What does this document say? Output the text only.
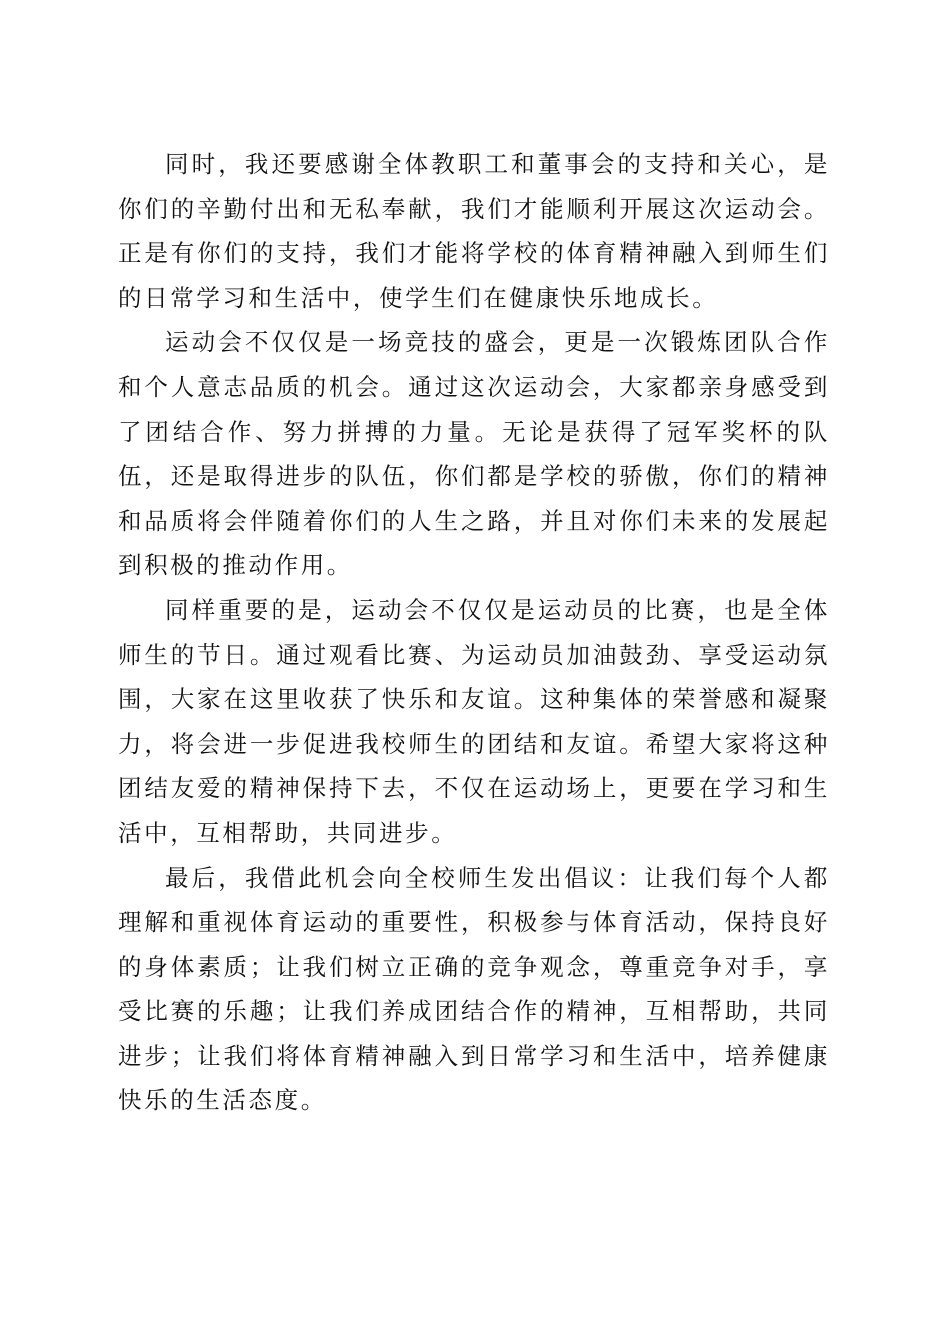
同时，我还要感谢全体教职工和董事会的支持和关心，是你们的辛勤付出和无私奉献，我们才能顺利开展这次运动会。正是有你们的支持，我们才能将学校的体育精神融入到师生们的日常学习和生活中，使学生们在健康快乐地成长。

运动会不仅仅是一场竞技的盛会，更是一次锻炼团队合作和个人意志品质的机会。通过这次运动会，大家都亲身感受到了团结合作、努力拼搏的力量。无论是获得了冠军奖杯的队伍，还是取得进步的队伍，你们都是学校的骄傲，你们的精神和品质将会伴随着你们的人生之路，并且对你们未来的发展起到积极的推动作用。

同样重要的是，运动会不仅仅是运动员的比赛，也是全体师生的节日。通过观看比赛、为运动员加油鼓劲、享受运动氛围，大家在这里收获了快乐和友谊。这种集体的荣誉感和凝聚力，将会进一步促进我校师生的团结和友谊。希望大家将这种团结友爱的精神保持下去，不仅在运动场上，更要在学习和生活中，互相帮助，共同进步。

最后，我借此机会向全校师生发出倡议：让我们每个人都理解和重视体育运动的重要性，积极参与体育活动，保持良好的身体素质；让我们树立正确的竞争观念，尊重竞争对手，享受比赛的乐趣；让我们养成团结合作的精神，互相帮助，共同进步；让我们将体育精神融入到日常学习和生活中，培养健康快乐的生活态度。
